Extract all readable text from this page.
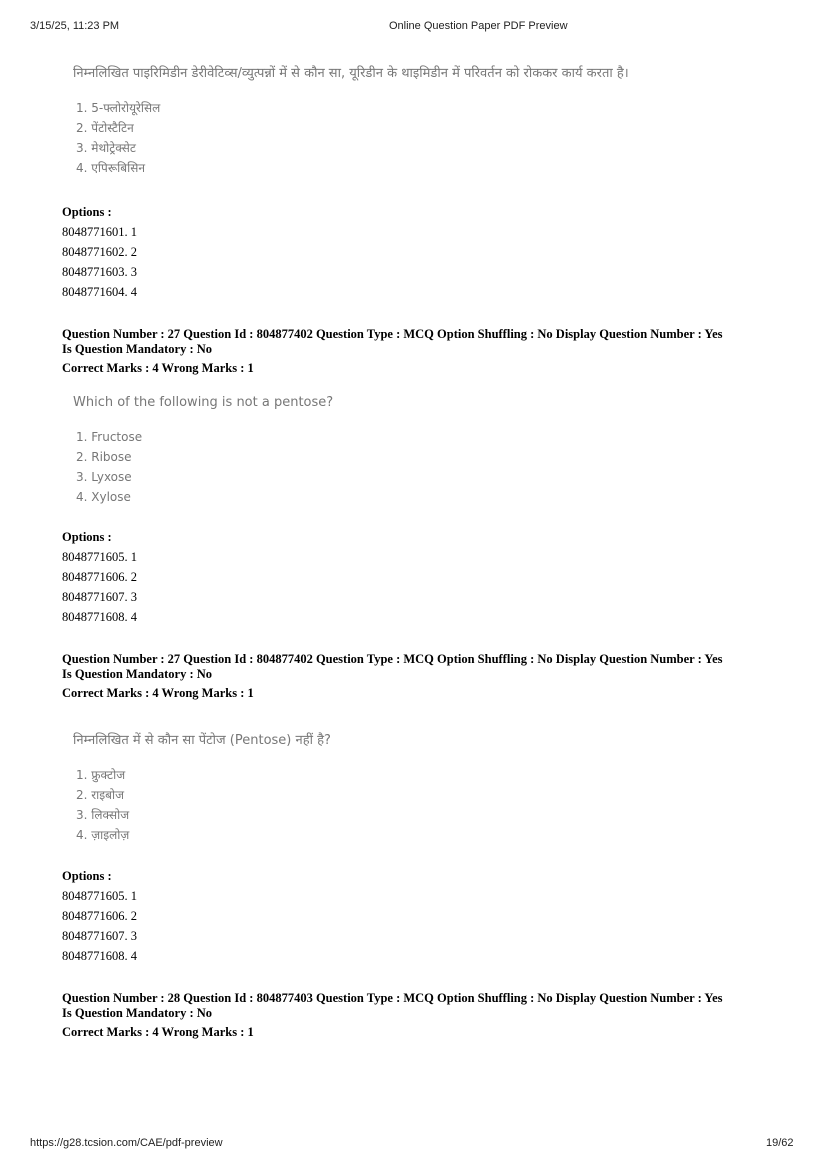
3/15/25, 11:23 PM	Online Question Paper PDF Preview
निम्नलिखित पाइरिमिडीन डेरीवेटिव्स/व्युत्पन्नों में से कौन सा, यूरिडीन के थाइमिडीन में परिवर्तन को रोककर कार्य करता है।
1. 5-फ्लोरोयूरेसिल
2. पेंटोस्टैटिन
3. मेथोट्रेक्सेट
4. एपिरूबिसिन
Options :
8048771601. 1
8048771602. 2
8048771603. 3
8048771604. 4
Question Number : 27 Question Id : 804877402 Question Type : MCQ Option Shuffling : No Display Question Number : Yes
Is Question Mandatory : No
Correct Marks : 4 Wrong Marks : 1
Which of the following is not a pentose?
1. Fructose
2. Ribose
3. Lyxose
4. Xylose
Options :
8048771605. 1
8048771606. 2
8048771607. 3
8048771608. 4
Question Number : 27 Question Id : 804877402 Question Type : MCQ Option Shuffling : No Display Question Number : Yes
Is Question Mandatory : No
Correct Marks : 4 Wrong Marks : 1
निम्नलिखित में से कौन सा पेंटोज (Pentose) नहीं है?
1. फ्रुक्टोज
2. राइबोज
3. लिक्सोज
4. ज़ाइलोज़
Options :
8048771605. 1
8048771606. 2
8048771607. 3
8048771608. 4
Question Number : 28 Question Id : 804877403 Question Type : MCQ Option Shuffling : No Display Question Number : Yes
Is Question Mandatory : No
Correct Marks : 4 Wrong Marks : 1
https://g28.tcsion.com/CAE/pdf-preview	19/62
